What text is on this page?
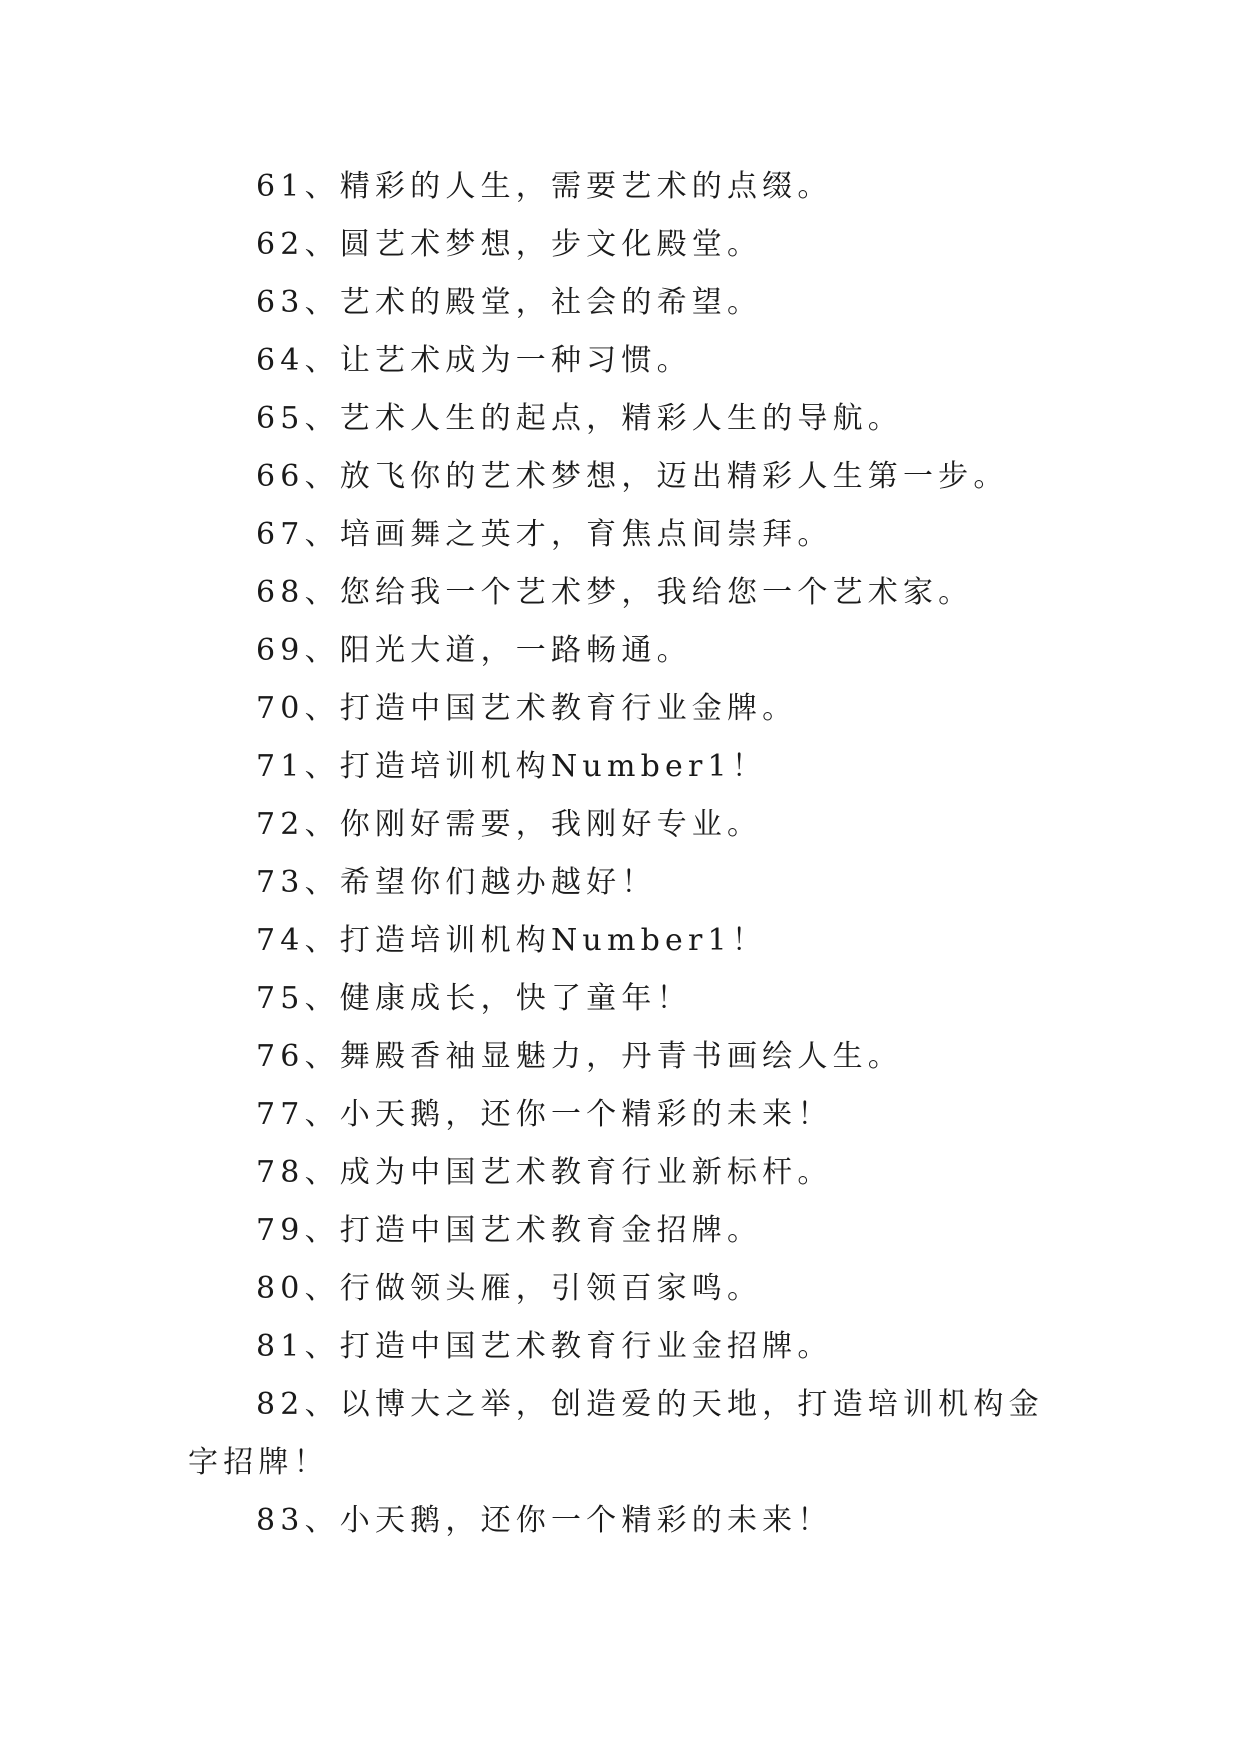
61、精彩的人生，需要艺术的点缀。

62、圆艺术梦想，步文化殿堂。

63、艺术的殿堂，社会的希望。

64、让艺术成为一种习惯。

65、艺术人生的起点，精彩人生的导航。

66、放飞你的艺术梦想，迈出精彩人生第一步。

67、培画舞之英才，育焦点间崇拜。

68、您给我一个艺术梦，我给您一个艺术家。

69、阳光大道，一路畅通。

70、打造中国艺术教育行业金牌。

71、打造培训机构Number1！

72、你刚好需要，我刚好专业。

73、希望你们越办越好！

74、打造培训机构Number1！

75、健康成长，快了童年！

76、舞殿香袖显魅力，丹青书画绘人生。

77、小天鹅，还你一个精彩的未来！

78、成为中国艺术教育行业新标杆。

79、打造中国艺术教育金招牌。

80、行做领头雁，引领百家鸣。

81、打造中国艺术教育行业金招牌。

82、以博大之举，创造爱的天地，打造培训机构金字招牌！

83、小天鹅，还你一个精彩的未来！
